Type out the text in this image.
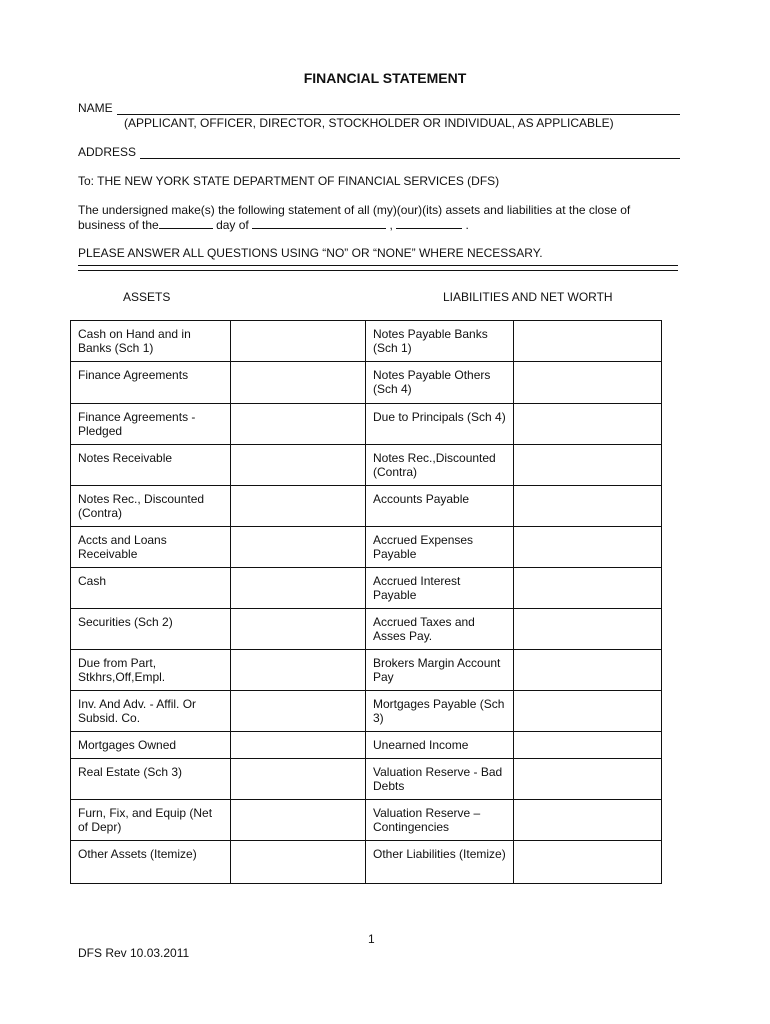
FINANCIAL STATEMENT
NAME
(APPLICANT, OFFICER, DIRECTOR, STOCKHOLDER OR INDIVIDUAL, AS APPLICABLE)
ADDRESS
To: THE NEW YORK STATE DEPARTMENT OF FINANCIAL SERVICES (DFS)
The undersigned make(s) the following statement of all (my)(our)(its) assets and liabilities at the close of
business of the	day of	,	.
PLEASE ANSWER ALL QUESTIONS USING “NO” OR “NONE” WHERE NECESSARY.
ASSETS	LIABILITIES AND NET WORTH
Cash on Hand and in Banks (Sch 1)		Notes Payable Banks (Sch 1)	
Finance Agreements		Notes Payable Others (Sch 4)	
Finance Agreements - Pledged		Due to Principals (Sch 4)	
Notes Receivable		Notes Rec.,Discounted (Contra)	
Notes Rec., Discounted (Contra)		Accounts Payable	
Accts and Loans Receivable		Accrued Expenses Payable	
Cash		Accrued Interest Payable	
Securities (Sch 2)		Accrued Taxes and Asses Pay.	
Due from Part, Stkhrs,Off,Empl.		Brokers Margin Account Pay	
Inv. And Adv. - Affil. Or Subsid. Co.		Mortgages Payable (Sch 3)	
Mortgages Owned		Unearned Income	
Real Estate (Sch 3)		Valuation Reserve - Bad Debts	
Furn, Fix, and Equip (Net of Depr)		Valuation Reserve – Contingencies	
Other Assets (Itemize)		Other Liabilities (Itemize)	
1
DFS Rev 10.03.2011
